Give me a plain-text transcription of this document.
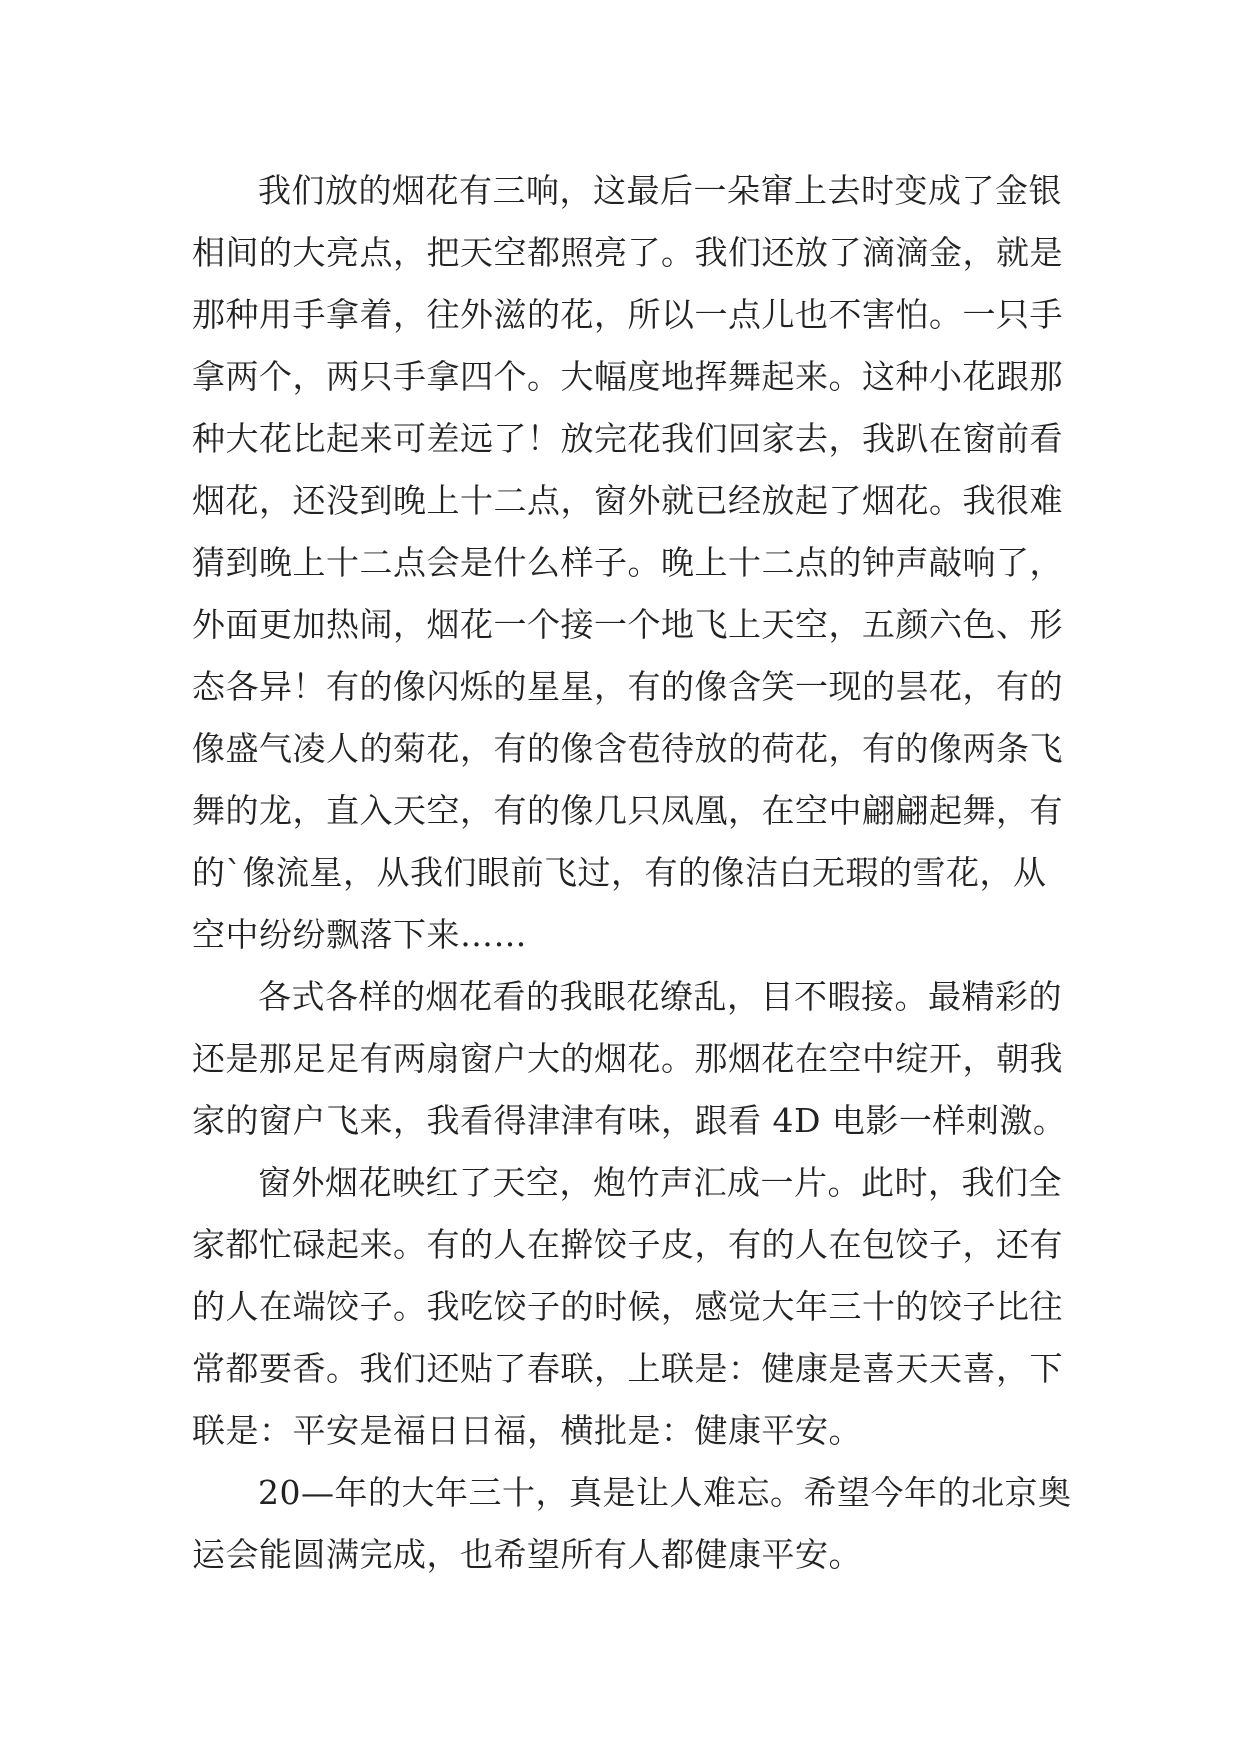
我们放的烟花有三响，这最后一朵窜上去时变成了金银
相间的大亮点，把天空都照亮了。我们还放了滴滴金，就是
那种用手拿着，往外滋的花，所以一点儿也不害怕。一只手
拿两个，两只手拿四个。大幅度地挥舞起来。这种小花跟那
种大花比起来可差远了！放完花我们回家去，我趴在窗前看
烟花，还没到晚上十二点，窗外就已经放起了烟花。我很难
猜到晚上十二点会是什么样子。晚上十二点的钟声敲响了，
外面更加热闹，烟花一个接一个地飞上天空，五颜六色、形
态各异！有的像闪烁的星星，有的像含笑一现的昙花，有的
像盛气凌人的菊花，有的像含苞待放的荷花，有的像两条飞
舞的龙，直入天空，有的像几只凤凰，在空中翩翩起舞，有
的`像流星，从我们眼前飞过，有的像洁白无瑕的雪花，从
空中纷纷飘落下来……
各式各样的烟花看的我眼花缭乱，目不暇接。最精彩的
还是那足足有两扇窗户大的烟花。那烟花在空中绽开，朝我
家的窗户飞来，我看得津津有味，跟看 4D 电影一样刺激。
窗外烟花映红了天空，炮竹声汇成一片。此时，我们全
家都忙碌起来。有的人在擀饺子皮，有的人在包饺子，还有
的人在端饺子。我吃饺子的时候，感觉大年三十的饺子比往
常都要香。我们还贴了春联，上联是：健康是喜天天喜，下
联是：平安是福日日福，横批是：健康平安。
20—年的大年三十，真是让人难忘。希望今年的北京奥
运会能圆满完成，也希望所有人都健康平安。
